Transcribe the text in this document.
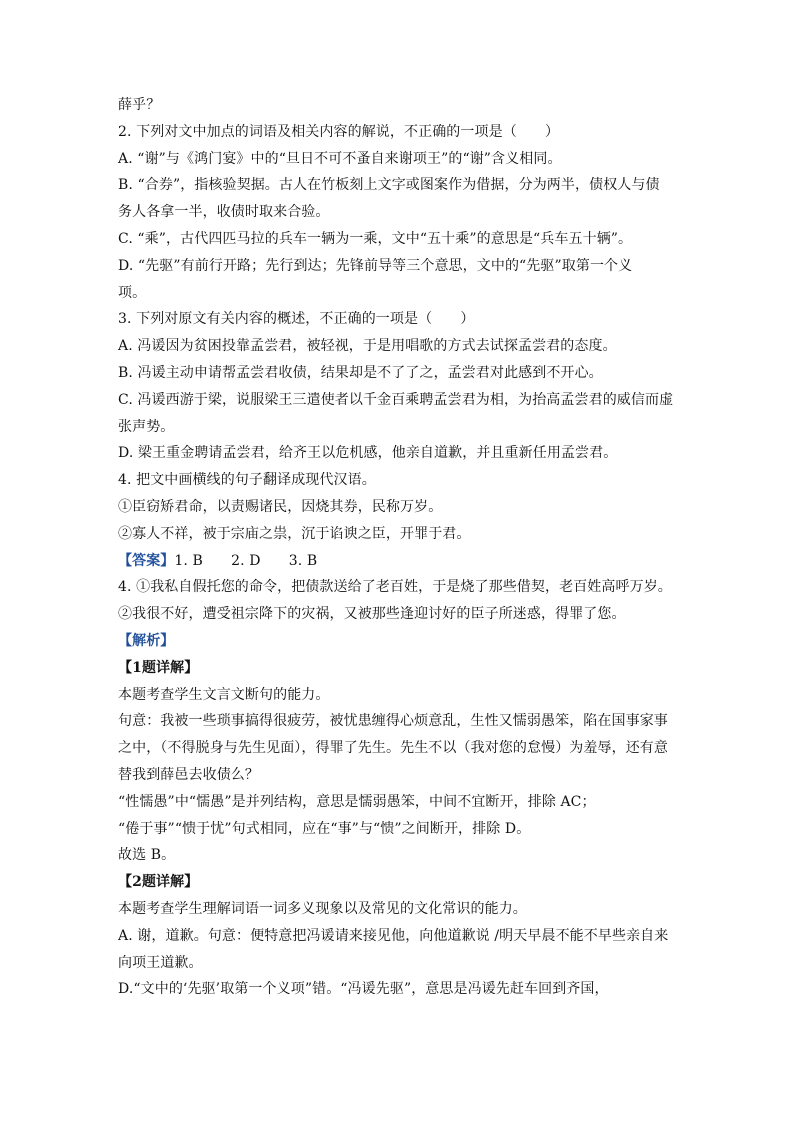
薛乎？
2. 下列对文中加点的词语及相关内容的解说，不正确的一项是（　　）
A. “谢”与《鸿门宴》中的“旦日不可不蚤自来谢项王”的“谢”含义相同。
B. “合券”，指核验契据。古人在竹板刻上文字或图案作为借据，分为两半，债权人与债
务人各拿一半，收债时取来合验。
C. “乘”，古代四匹马拉的兵车一辆为一乘，文中“五十乘”的意思是“兵车五十辆”。
D. “先驱”有前行开路；先行到达；先锋前导等三个意思，文中的“先驱”取第一个义
项。
3. 下列对原文有关内容的概述，不正确的一项是（　　）
A. 冯谖因为贫困投靠孟尝君，被轻视，于是用唱歌的方式去试探孟尝君的态度。
B. 冯谖主动申请帮孟尝君收债，结果却是不了了之，孟尝君对此感到不开心。
C. 冯谖西游于梁，说服梁王三遣使者以千金百乘聘孟尝君为相，为抬高孟尝君的威信而虚
张声势。
D. 梁王重金聘请孟尝君，给齐王以危机感，他亲自道歉，并且重新任用孟尝君。
4. 把文中画横线的句子翻译成现代汉语。
①臣窃矫君命，以责赐诸民，因烧其券，民称万岁。
②寡人不祥，被于宗庙之祟，沉于谄谀之臣，开罪于君。
【答案】1. B　　2. D　　3. B
4. ①我私自假托您的命令，把债款送给了老百姓，于是烧了那些借契，老百姓高呼万岁。
②我很不好，遭受祖宗降下的灾祸，又被那些逢迎讨好的臣子所迷惑，得罪了您。
【解析】
【1题详解】
本题考查学生文言文断句的能力。
句意：我被一些琐事搞得很疲劳，被忧患缠得心烦意乱，生性又懦弱愚笨，陷在国事家事
之中，（不得脱身与先生见面），得罪了先生。先生不以（我对您的怠慢）为羞辱，还有意
替我到薛邑去收债么？
“性懦愚”中“懦愚”是并列结构，意思是懦弱愚笨，中间不宜断开，排除 AC；
“倦于事”“愦于忧”句式相同，应在“事”与“愦”之间断开，排除 D。
故选 B。
【2题详解】
本题考查学生理解词语一词多义现象以及常见的文化常识的能力。
A. 谢，道歉。句意：便特意把冯谖请来接见他，向他道歉说 /明天早晨不能不早些亲自来
向项王道歉。
D.“文中的‘先驱’取第一个义项”错。“冯谖先驱”，意思是冯谖先赶车回到齐国，
